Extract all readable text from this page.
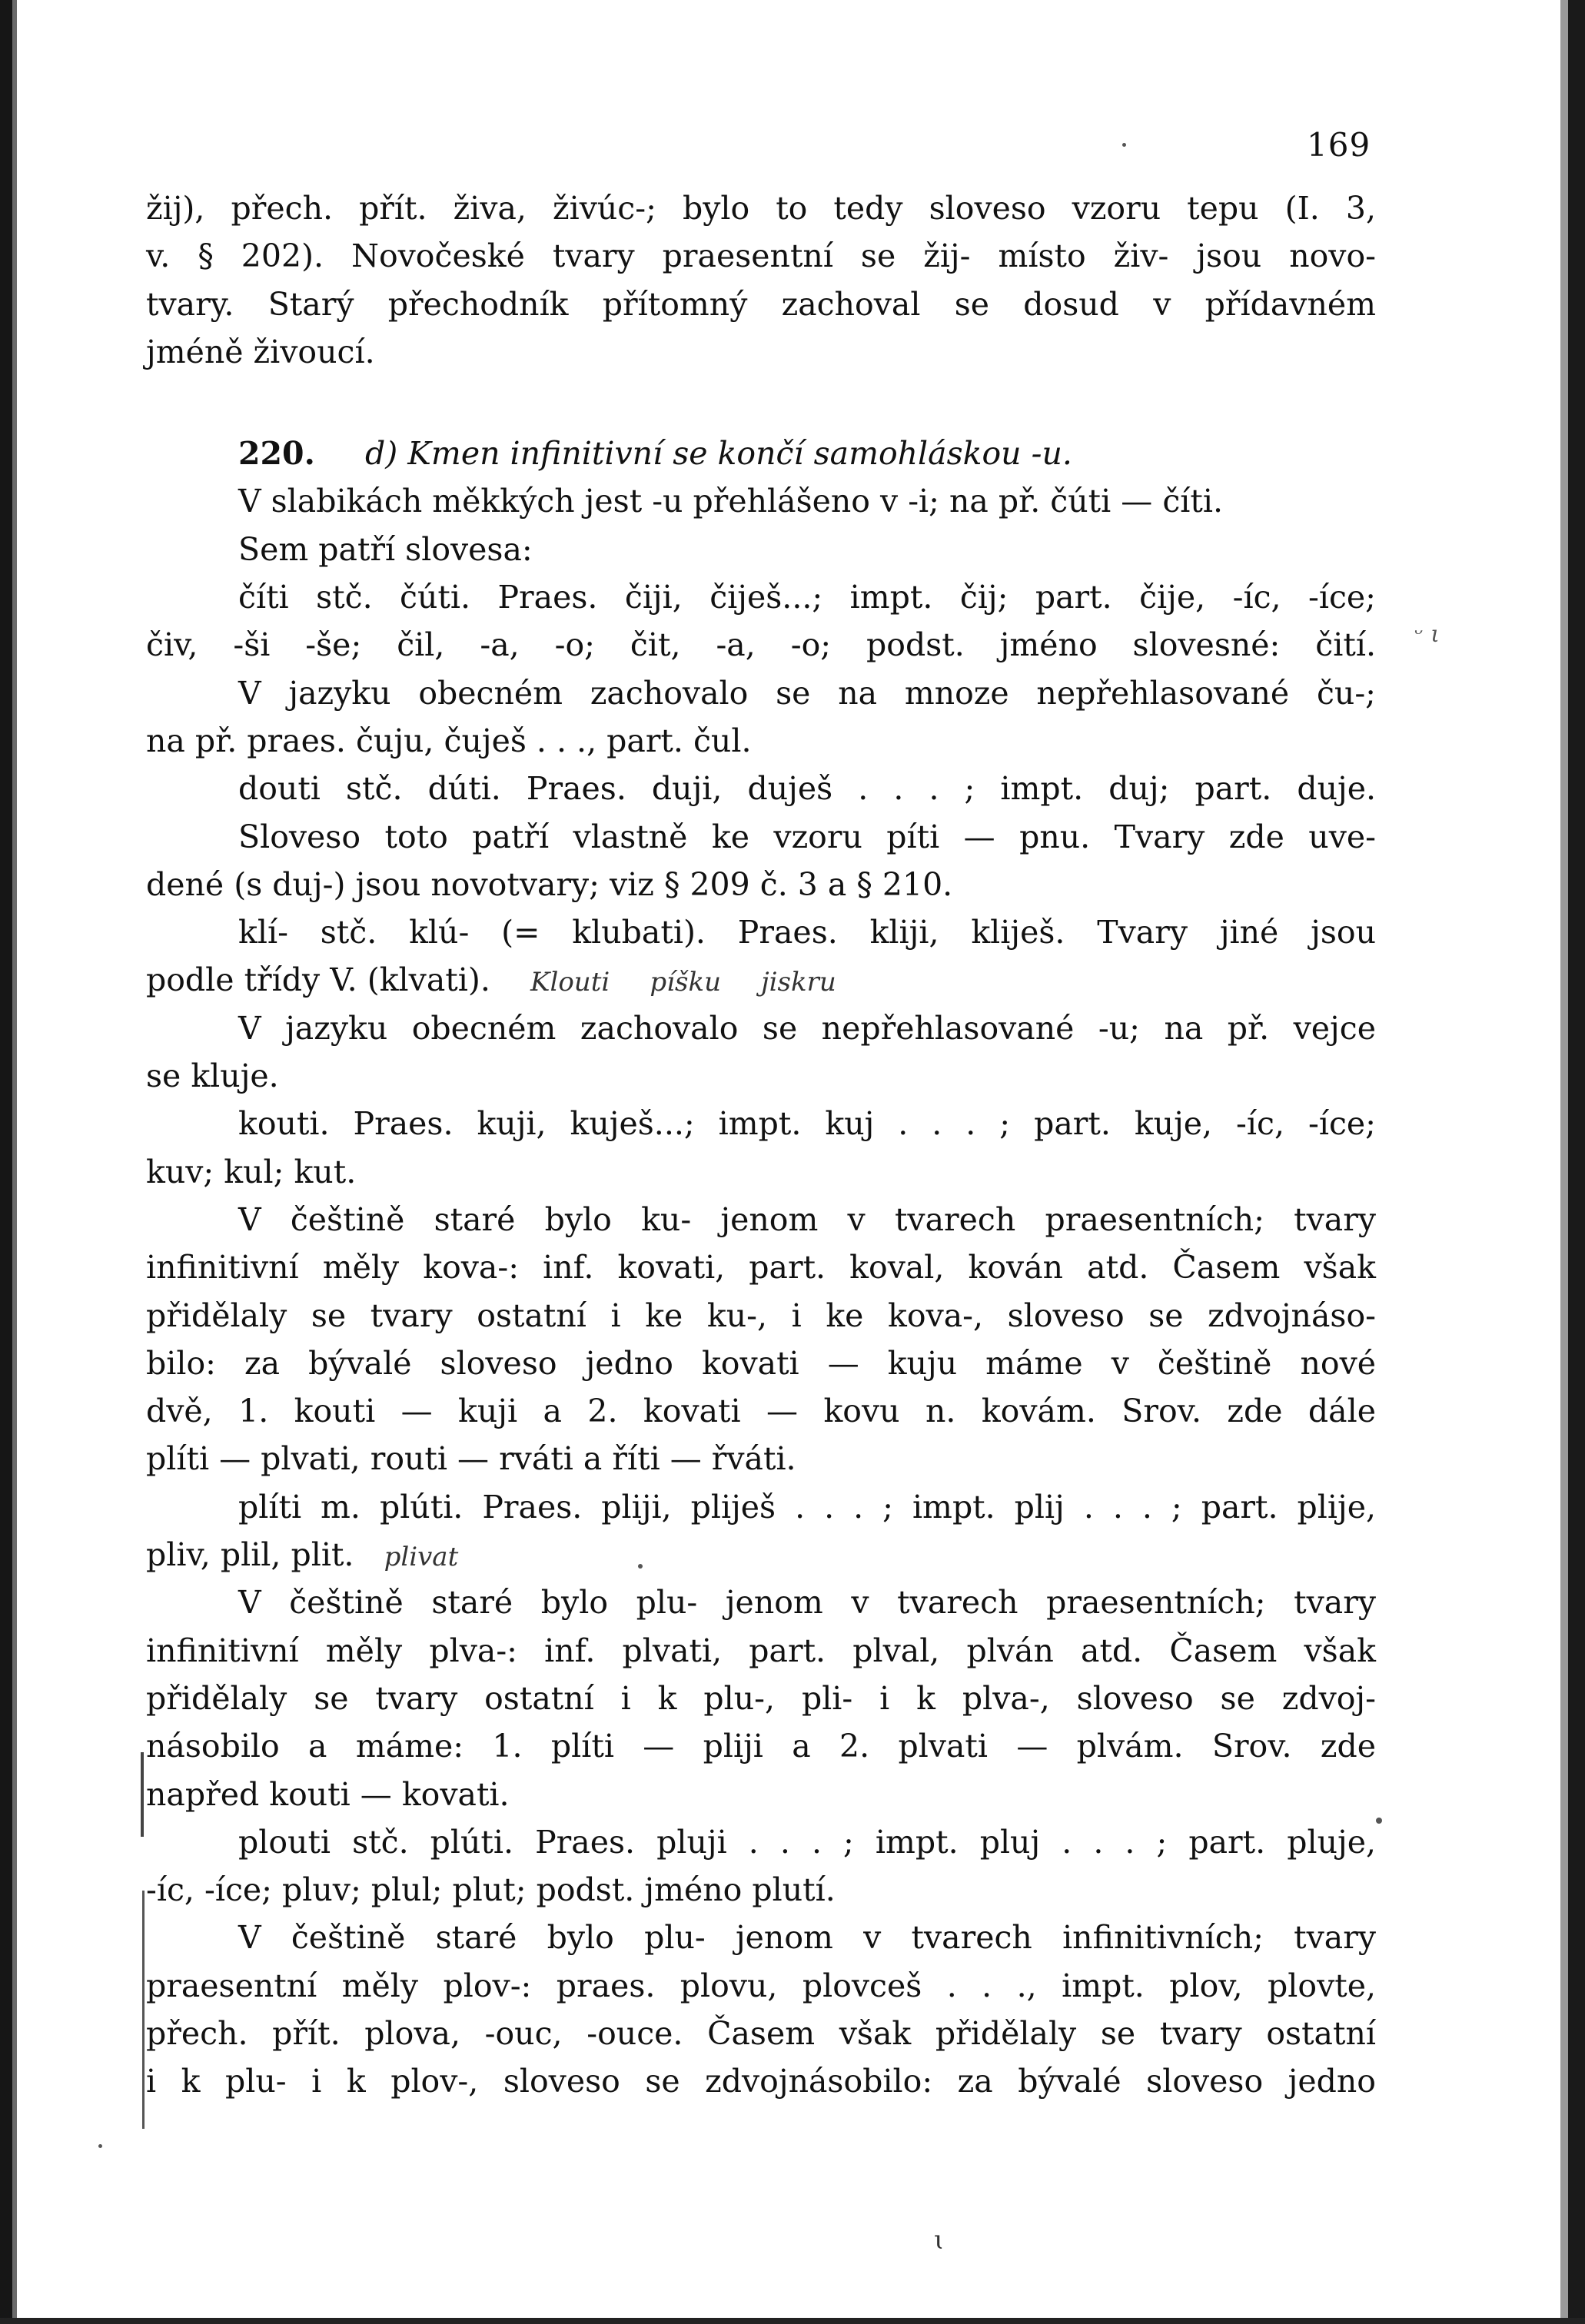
169
žij), přech. přít. živa, živúc-; bylo to tedy sloveso vzoru tepu (I. 3,
v. § 202). Novočeské tvary praesentní se žij- místo živ- jsou novo-
tvary. Starý přechodník přítomný zachoval se dosud v přídavném
jméně živoucí.
220. d) Kmen infinitivní se končí samohláskou -u.
V slabikách měkkých jest -u přehlášeno v -i; na př. čúti — číti.
Sem patří slovesa:
číti stč. čúti. Praes. čiji, čiješ...; impt. čij; part. čije, -íc, -íce;
čiv, -ši -še; čil, -a, -o; čit, -a, -o; podst. jméno slovesné: čití.
V jazyku obecném zachovalo se na mnoze nepřehlasované ču-;
na př. praes. čuju, čuješ . . ., part. čul.
douti stč. dúti. Praes. duji, duješ . . . ; impt. duj; part. duje.
Sloveso toto patří vlastně ke vzoru píti — pnu. Tvary zde uve-
dené (s duj-) jsou novotvary; viz § 209 č. 3 a § 210.
klí- stč. klú- (= klubati). Praes. kliji, kliješ. Tvary jiné jsou
podle třídy V. (klvati). Klouti píšku jiskru
V jazyku obecném zachovalo se nepřehlasované -u; na př. vejce
se kluje.
kouti. Praes. kuji, kuješ...; impt. kuj . . . ; part. kuje, -íc, -íce;
kuv; kul; kut.
V češtině staré bylo ku- jenom v tvarech praesentních; tvary
infinitivní měly kova-: inf. kovati, part. koval, kován atd. Časem však
přidělaly se tvary ostatní i ke ku-, i ke kova-, sloveso se zdvojnáso-
bilo: za bývalé sloveso jedno kovati — kuju máme v češtině nové
dvě, 1. kouti — kuji a 2. kovati — kovu n. kovám. Srov. zde dále
plíti — plvati, routi — rváti a říti — řváti.
plíti m. plúti. Praes. pliji, pliješ . . . ; impt. plij . . . ; part. plije,
pliv, plil, plit. plivat
V češtině staré bylo plu- jenom v tvarech praesentních; tvary
infinitivní měly plva-: inf. plvati, part. plval, plván atd. Časem však
přidělaly se tvary ostatní i k plu-, pli- i k plva-, sloveso se zdvoj-
násobilo a máme: 1. plíti — pliji a 2. plvati — plvám. Srov. zde
napřed kouti — kovati.
plouti stč. plúti. Praes. pluji . . . ; impt. pluj . . . ; part. pluje,
-íc, -íce; pluv; plul; plut; podst. jméno plutí.
V češtině staré bylo plu- jenom v tvarech infinitivních; tvary
praesentní měly plov-: praes. plovu, plovceš . . ., impt. plov, plovte,
přech. přít. plova, -ouc, -ouce. Časem však přidělaly se tvary ostatní
i k plu- i k plov-, sloveso se zdvojnásobilo: za bývalé sloveso jedno
ᵕ ι
ɩ
